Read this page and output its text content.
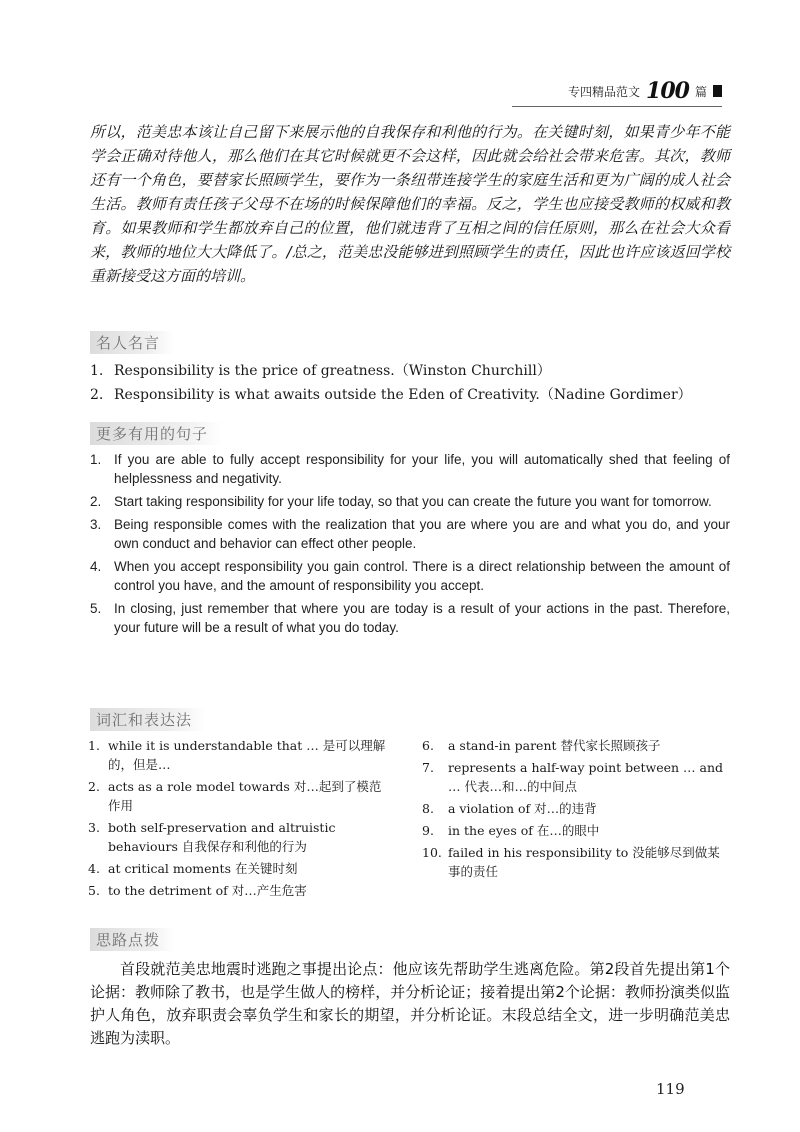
专四精品范文 100 篇

所以，范美忠本该让自己留下来展示他的自我保存和利他的行为。在关键时刻，如果青少年不能学会正确对待他人，那么他们在其它时候就更不会这样，因此就会给社会带来危害。其次，教师还有一个角色，要替家长照顾学生，要作为一条纽带连接学生的家庭生活和更为广阔的成人社会生活。教师有责任孩子父母不在场的时候保障他们的幸福。反之，学生也应接受教师的权威和教育。如果教师和学生都放弃自己的位置，他们就违背了互相之间的信任原则，那么在社会大众看来，教师的地位大大降低了。/总之，范美忠没能够进到照顾学生的责任，因此也许应该返回学校重新接受这方面的培训。

名人名言
1. Responsibility is the price of greatness.（Winston Churchill）
2. Responsibility is what awaits outside the Eden of Creativity.（Nadine Gordimer）
更多有用的句子
1. If you are able to fully accept responsibility for your life, you will automatically shed that feeling of helplessness and negativity.
2. Start taking responsibility for your life today, so that you can create the future you want for tomorrow.
3. Being responsible comes with the realization that you are where you are and what you do, and your own conduct and behavior can effect other people.
4. When you accept responsibility you gain control. There is a direct relationship between the amount of control you have, and the amount of responsibility you accept.
5. In closing, just remember that where you are today is a result of your actions in the past. Therefore, your future will be a result of what you do today.
词汇和表达法
1. while it is understandable that … 是可以理解的，但是…
2. acts as a role model towards 对…起到了模范作用
3. both self-preservation and altruistic behaviours 自我保存和利他的行为
4. at critical moments 在关键时刻
5. to the detriment of 对…产生危害
6.	a stand-in parent 替代家长照顾孩子
7.	represents a half-way point between … and … 代表…和…的中间点
8.	a violation of 对…的违背
9.	in the eyes of 在…的眼中
10. failed in his responsibility to 没能够尽到做某事的责任
思路点拨

首段就范美忠地震时逃跑之事提出论点：他应该先帮助学生逃离危险。第2段首先提出第1个论据：教师除了教书，也是学生做人的榜样，并分析论证；接着提出第2个论据：教师扮演类似监护人角色，放弃职责会辜负学生和家长的期望，并分析论证。末段总结全文，进一步明确范美忠逃跑为渎职。

119
